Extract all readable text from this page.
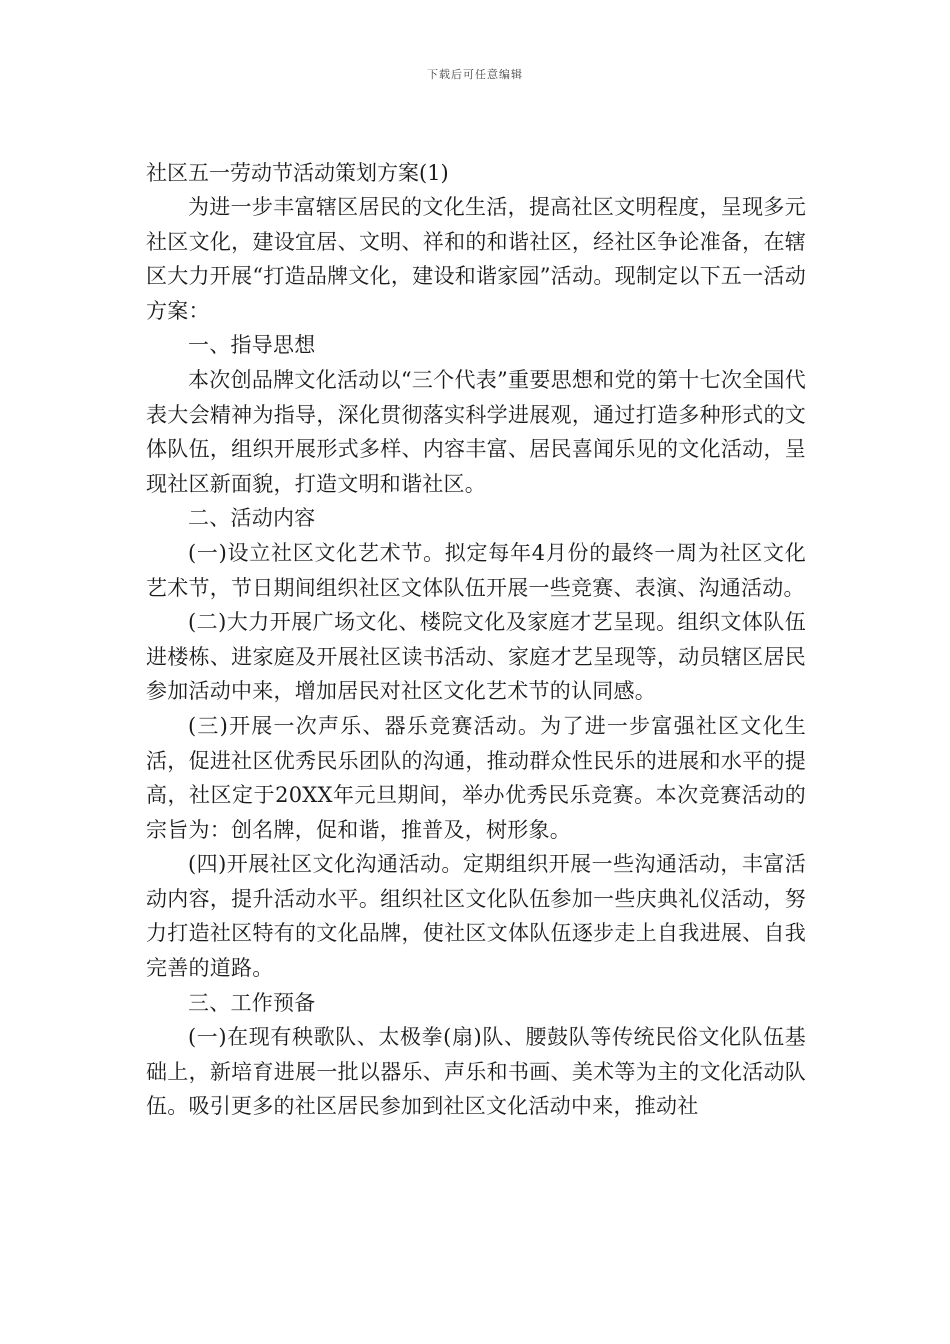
下载后可任意编辑
社区五一劳动节活动策划方案(1)

为进一步丰富辖区居民的文化生活，提高社区文明程度，呈现多元社区文化，建设宜居、文明、祥和的和谐社区，经社区争论准备，在辖区大力开展“打造品牌文化，建设和谐家园”活动。现制定以下五一活动方案：

一、指导思想

本次创品牌文化活动以“三个代表”重要思想和党的第十七次全国代表大会精神为指导，深化贯彻落实科学进展观，通过打造多种形式的文体队伍，组织开展形式多样、内容丰富、居民喜闻乐见的文化活动，呈现社区新面貌，打造文明和谐社区。

二、活动内容

(一)设立社区文化艺术节。拟定每年4月份的最终一周为社区文化艺术节，节日期间组织社区文体队伍开展一些竞赛、表演、沟通活动。

(二)大力开展广场文化、楼院文化及家庭才艺呈现。组织文体队伍进楼栋、进家庭及开展社区读书活动、家庭才艺呈现等，动员辖区居民参加活动中来，增加居民对社区文化艺术节的认同感。

(三)开展一次声乐、器乐竞赛活动。为了进一步富强社区文化生活，促进社区优秀民乐团队的沟通，推动群众性民乐的进展和水平的提高，社区定于20XX年元旦期间，举办优秀民乐竞赛。本次竞赛活动的宗旨为：创名牌，促和谐，推普及，树形象。

(四)开展社区文化沟通活动。定期组织开展一些沟通活动，丰富活动内容，提升活动水平。组织社区文化队伍参加一些庆典礼仪活动，努力打造社区特有的文化品牌，使社区文体队伍逐步走上自我进展、自我完善的道路。

三、工作预备

(一)在现有秧歌队、太极拳(扇)队、腰鼓队等传统民俗文化队伍基础上，新培育进展一批以器乐、声乐和书画、美术等为主的文化活动队伍。吸引更多的社区居民参加到社区文化活动中来，推动社
